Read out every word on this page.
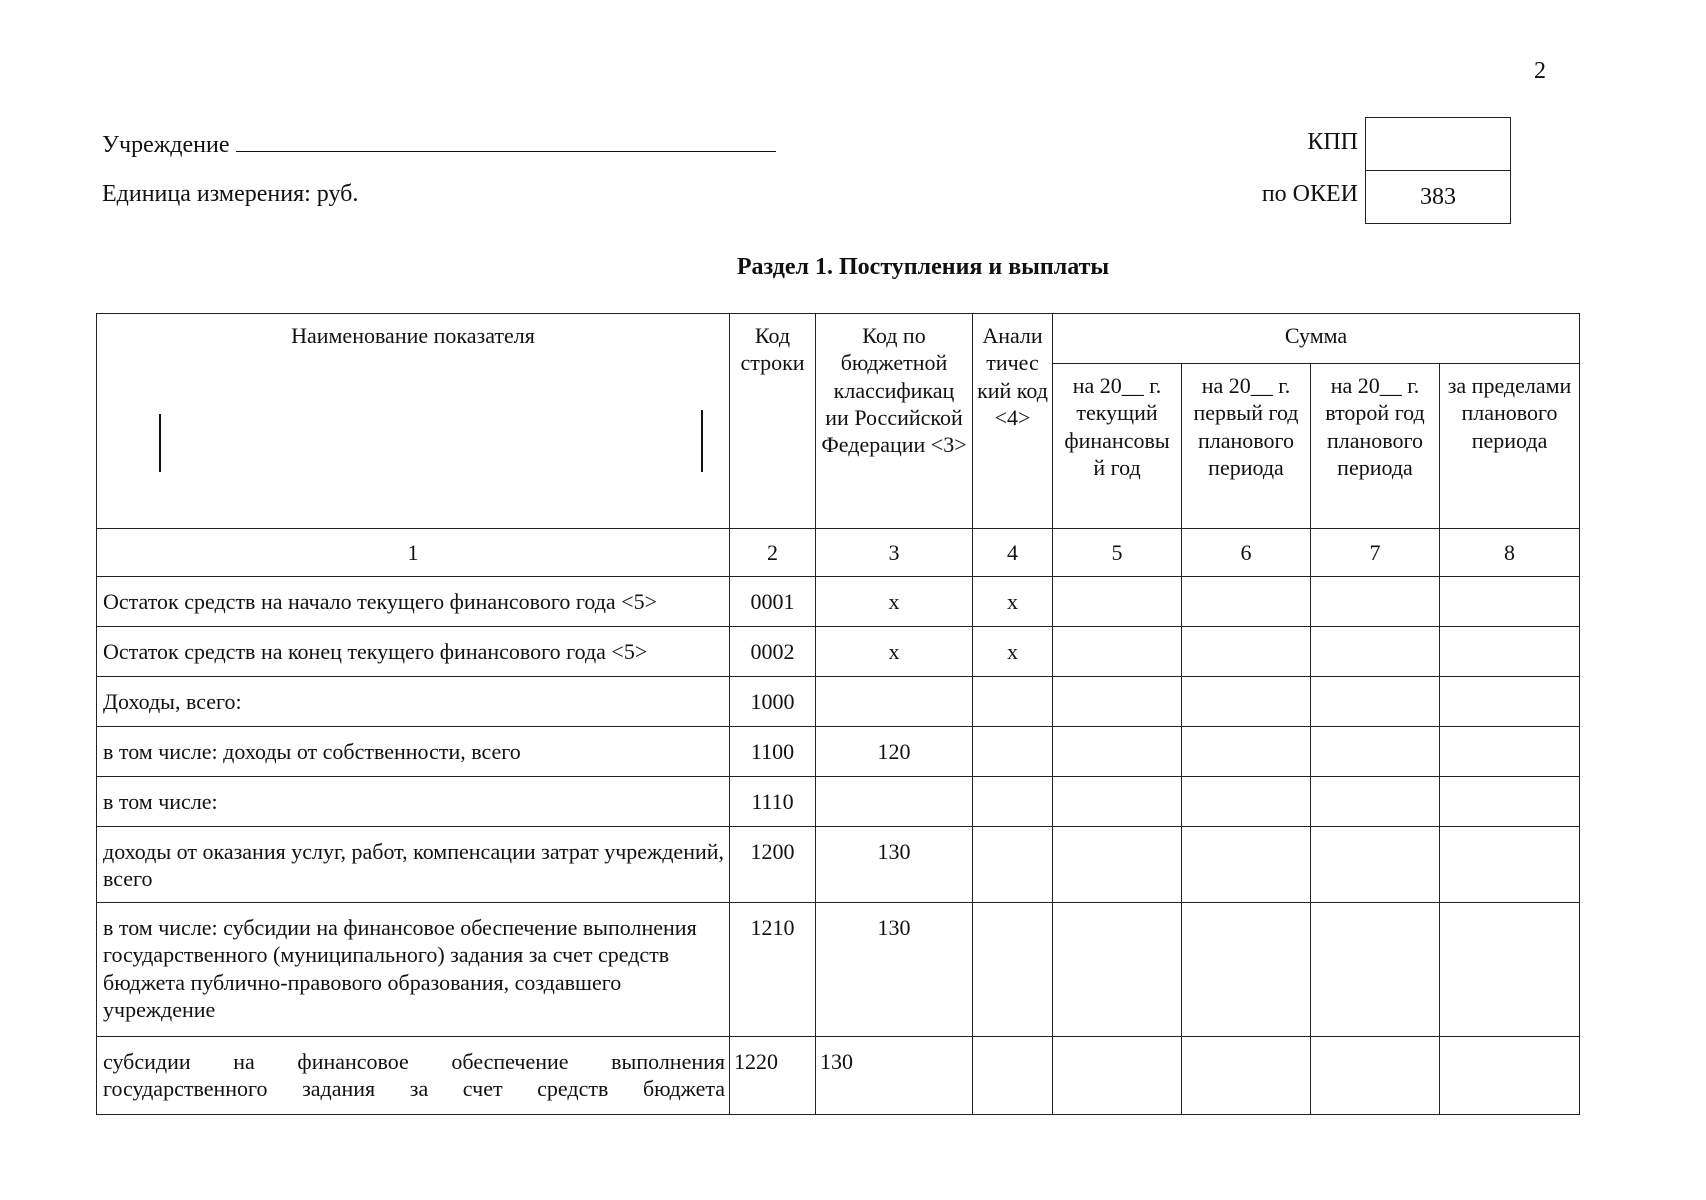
2
Учреждение
Единица измерения: руб.
КПП
по ОКЕИ	383
Раздел 1. Поступления и выплаты
Наименование показателя	Код строки	Код по бюджетной классификац ии Российской Федерации <3>	Анали тичес кий код <4>	Сумма			
				на 20__ г. текущий финансовы й год	на 20__ г. первый год планового периода	на 20__ г. второй год планового периода	за пределами планового периода
1	2	3	4	5	6	7	8
Остаток средств на начало текущего финансового года <5>	0001	x	x				
Остаток средств на конец текущего финансового года <5>	0002	x	x				
Доходы, всего:	1000						
в том числе: доходы от собственности, всего	1100	120					
в том числе:	1110						
доходы от оказания услуг, работ, компенсации затрат учреждений, всего	1200	130					
в том числе: субсидии на финансовое обеспечение выполнения государственного (муниципального) задания за счет средств бюджета публично-правового образования, создавшего учреждение	1210	130					
субсидии на финансовое обеспечение выполнения государственного задания за счет средств бюджета	1220	130					
